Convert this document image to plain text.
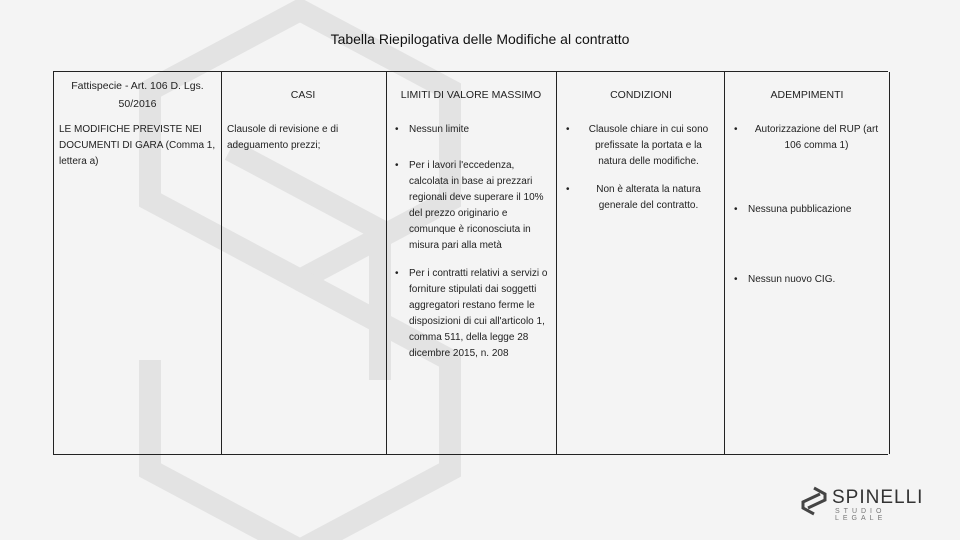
Tabella Riepilogativa delle Modifiche al contratto
Fattispecie - Art. 106 D. Lgs. 50/2016
LE MODIFICHE PREVISTE NEI DOCUMENTI DI GARA (Comma 1, lettera a)
CASI
Clausole di revisione e di adeguamento prezzi;
LIMITI DI VALORE MASSIMO
• Nessun limite
• Per i lavori l'eccedenza, calcolata in base ai prezzari regionali deve superare il 10% del prezzo originario e comunque è riconosciuta in misura pari alla metà
• Per i contratti relativi a servizi o forniture stipulati dai soggetti aggregatori restano ferme le disposizioni di cui all'articolo 1, comma 511, della legge 28 dicembre 2015, n. 208
CONDIZIONI
• Clausole chiare in cui sono prefissate la portata e la natura delle modifiche.
• Non è alterata la natura generale del contratto.
ADEMPIMENTI
• Autorizzazione del RUP (art 106 comma 1)
• Nessuna pubblicazione
• Nessun nuovo CIG.
SPINELLI
STUDIO LEGALE
